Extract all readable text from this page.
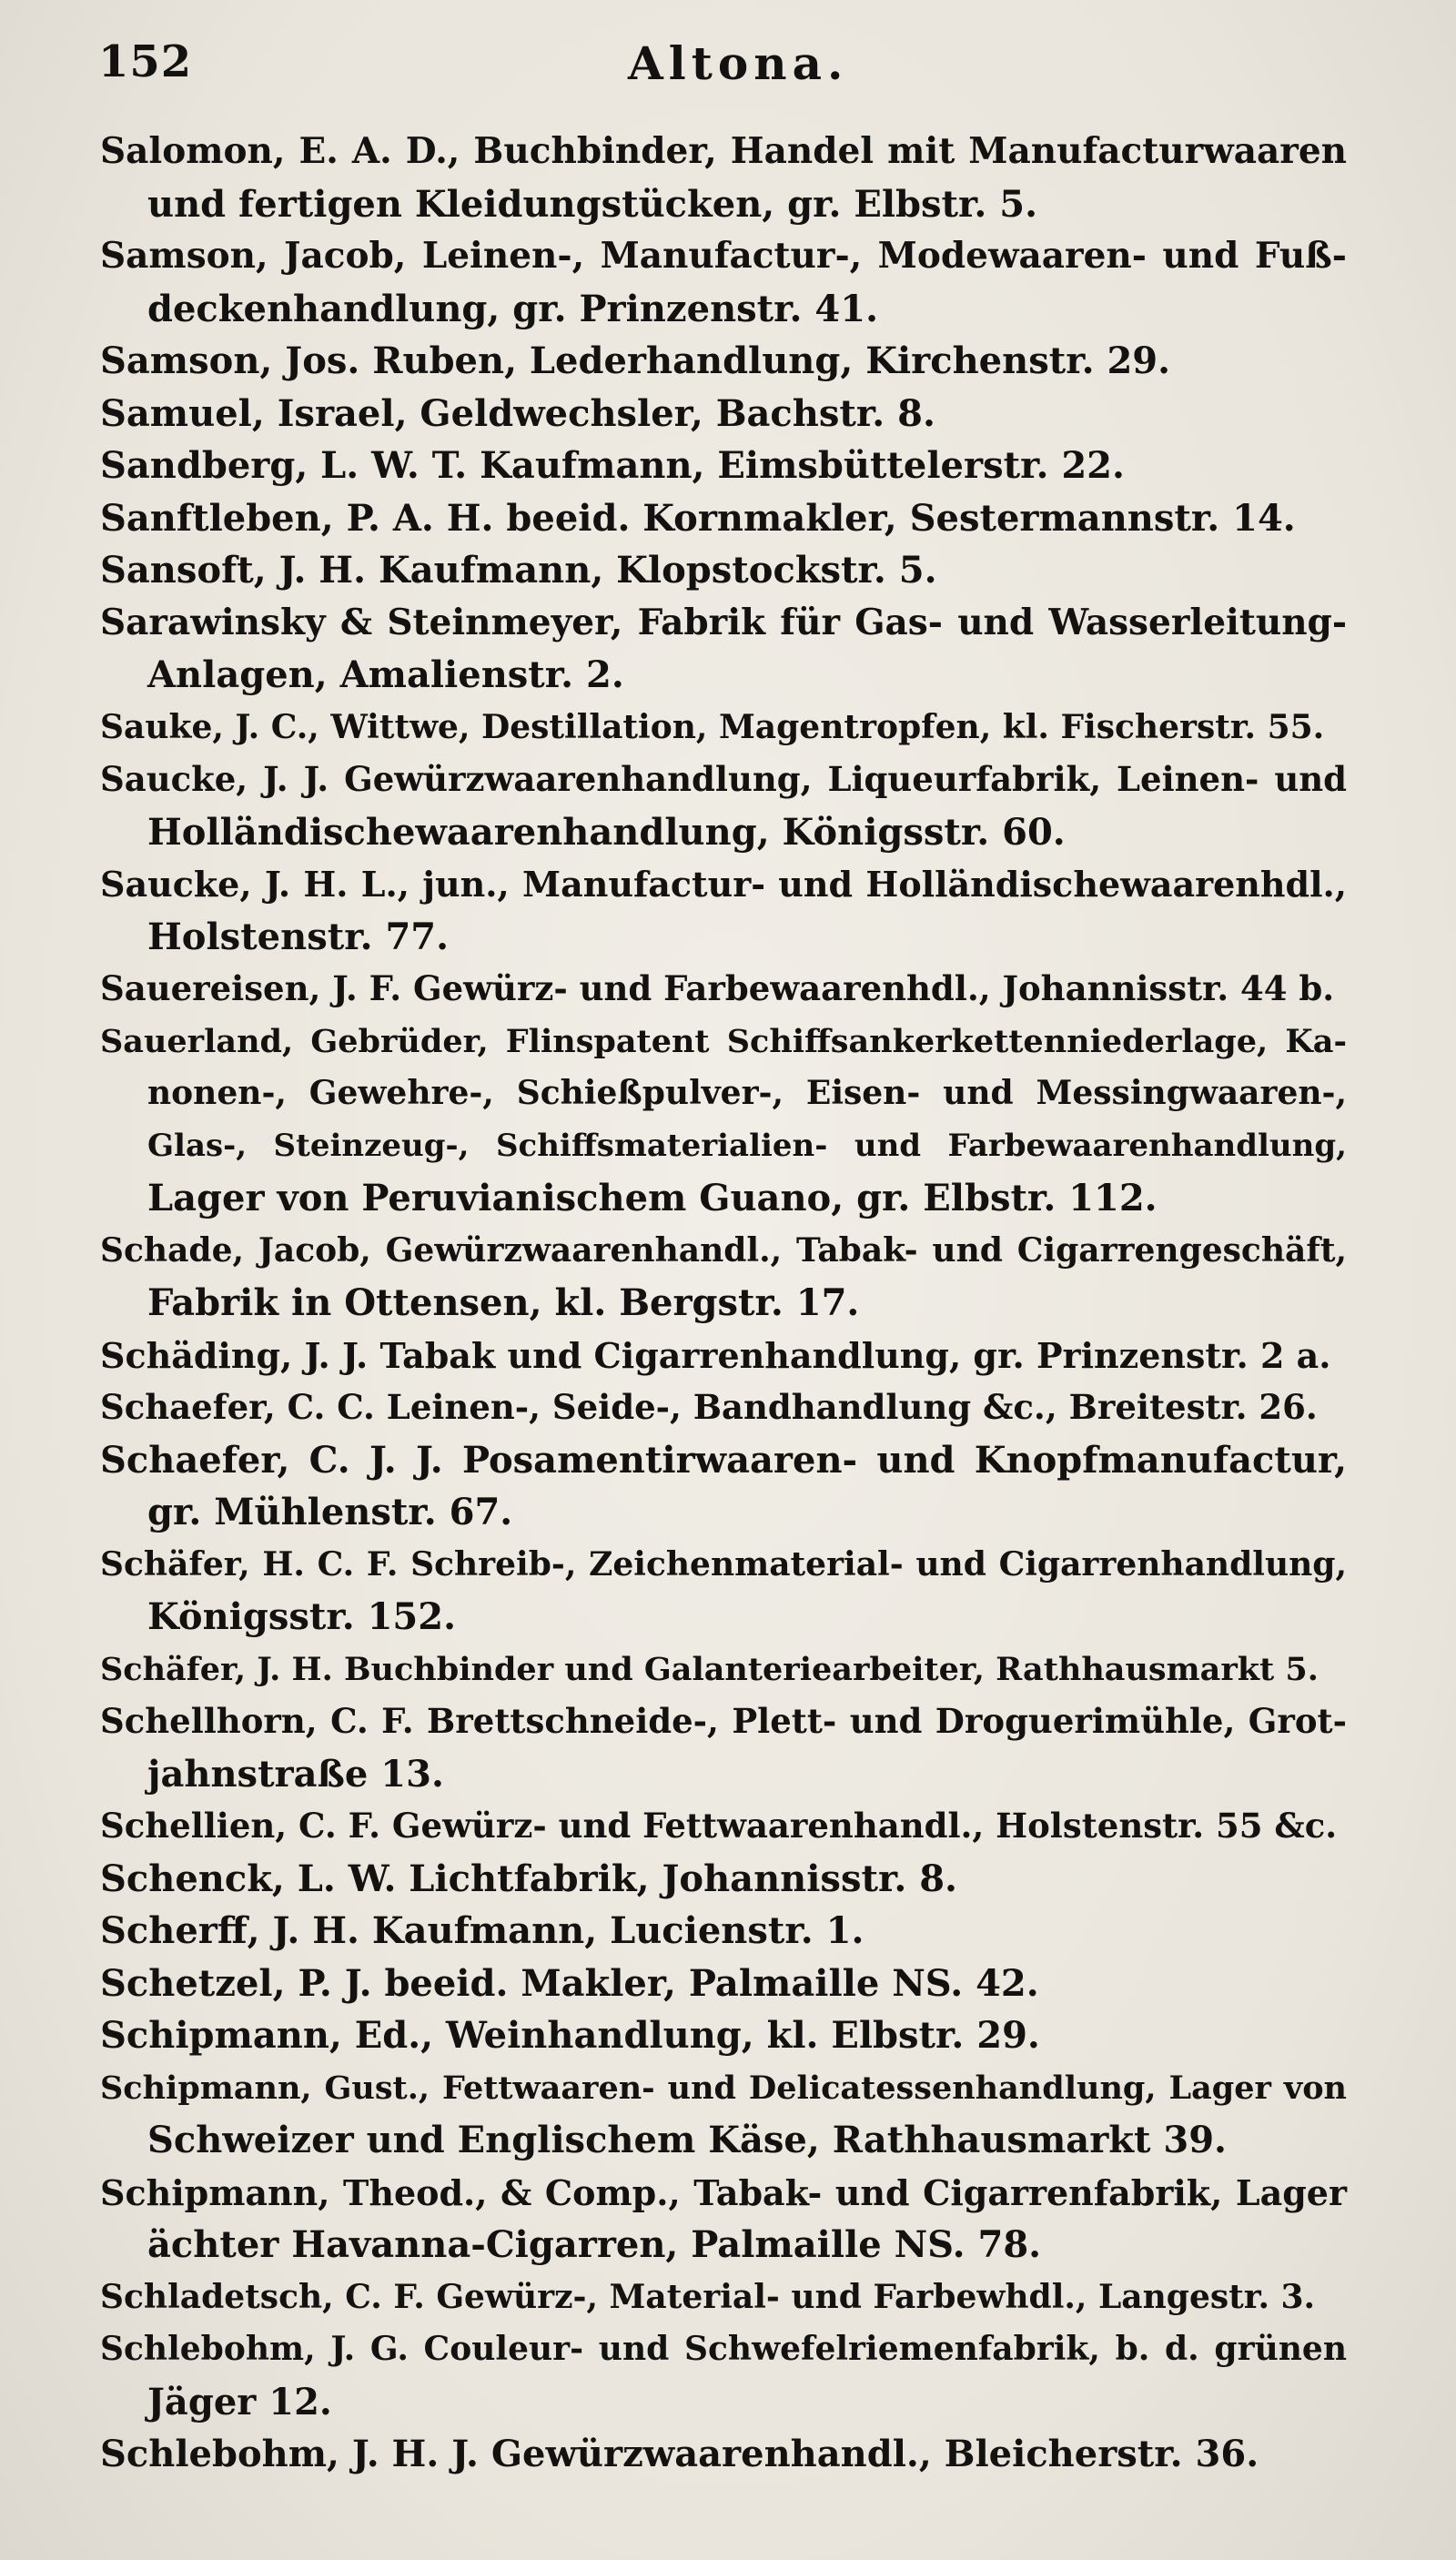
152	Altona.
Salomon, E. A. D., Buchbinder, Handel mit Manufacturwaaren
und fertigen Kleidungstücken, gr. Elbstr. 5.
Samson, Jacob, Leinen-, Manufactur-, Modewaaren- und Fuß-
deckenhandlung, gr. Prinzenstr. 41.
Samson, Jos. Ruben, Lederhandlung, Kirchenstr. 29.
Samuel, Israel, Geldwechsler, Bachstr. 8.
Sandberg, L. W. T. Kaufmann, Eimsbüttelerstr. 22.
Sanftleben, P. A. H. beeid. Kornmakler, Sestermannstr. 14.
Sansoft, J. H. Kaufmann, Klopstockstr. 5.
Sarawinsky & Steinmeyer, Fabrik für Gas- und Wasserleitung-
Anlagen, Amalienstr. 2.
Sauke, J. C., Wittwe, Destillation, Magentropfen, kl. Fischerstr. 55.
Saucke, J. J. Gewürzwaarenhandlung, Liqueurfabrik, Leinen- und
Holländischewaarenhandlung, Königsstr. 60.
Saucke, J. H. L., jun., Manufactur- und Holländischewaarenhdl.,
Holstenstr. 77.
Sauereisen, J. F. Gewürz- und Farbewaarenhdl., Johannisstr. 44 b.
Sauerland, Gebrüder, Flinspatent Schiffsankerkettenniederlage, Ka-
nonen-, Gewehre-, Schießpulver-, Eisen- und Messingwaaren-,
Glas-, Steinzeug-, Schiffsmaterialien- und Farbewaarenhandlung,
Lager von Peruvianischem Guano, gr. Elbstr. 112.
Schade, Jacob, Gewürzwaarenhandl., Tabak- und Cigarrengeschäft,
Fabrik in Ottensen, kl. Bergstr. 17.
Schäding, J. J. Tabak und Cigarrenhandlung, gr. Prinzenstr. 2 a.
Schaefer, C. C. Leinen-, Seide-, Bandhandlung &c., Breitestr. 26.
Schaefer, C. J. J. Posamentirwaaren- und Knopfmanufactur,
gr. Mühlenstr. 67.
Schäfer, H. C. F. Schreib-, Zeichenmaterial- und Cigarrenhandlung,
Königsstr. 152.
Schäfer, J. H. Buchbinder und Galanteriearbeiter, Rathhausmarkt 5.
Schellhorn, C. F. Brettschneide-, Plett- und Droguerimühle, Grot-
jahnstraße 13.
Schellien, C. F. Gewürz- und Fettwaarenhandl., Holstenstr. 55 &c.
Schenck, L. W. Lichtfabrik, Johannisstr. 8.
Scherff, J. H. Kaufmann, Lucienstr. 1.
Schetzel, P. J. beeid. Makler, Palmaille NS. 42.
Schipmann, Ed., Weinhandlung, kl. Elbstr. 29.
Schipmann, Gust., Fettwaaren- und Delicatessenhandlung, Lager von
Schweizer und Englischem Käse, Rathhausmarkt 39.
Schipmann, Theod., & Comp., Tabak- und Cigarrenfabrik, Lager
ächter Havanna-Cigarren, Palmaille NS. 78.
Schladetsch, C. F. Gewürz-, Material- und Farbewhdl., Langestr. 3.
Schlebohm, J. G. Couleur- und Schwefelriemenfabrik, b. d. grünen
Jäger 12.
Schlebohm, J. H. J. Gewürzwaarenhandl., Bleicherstr. 36.
